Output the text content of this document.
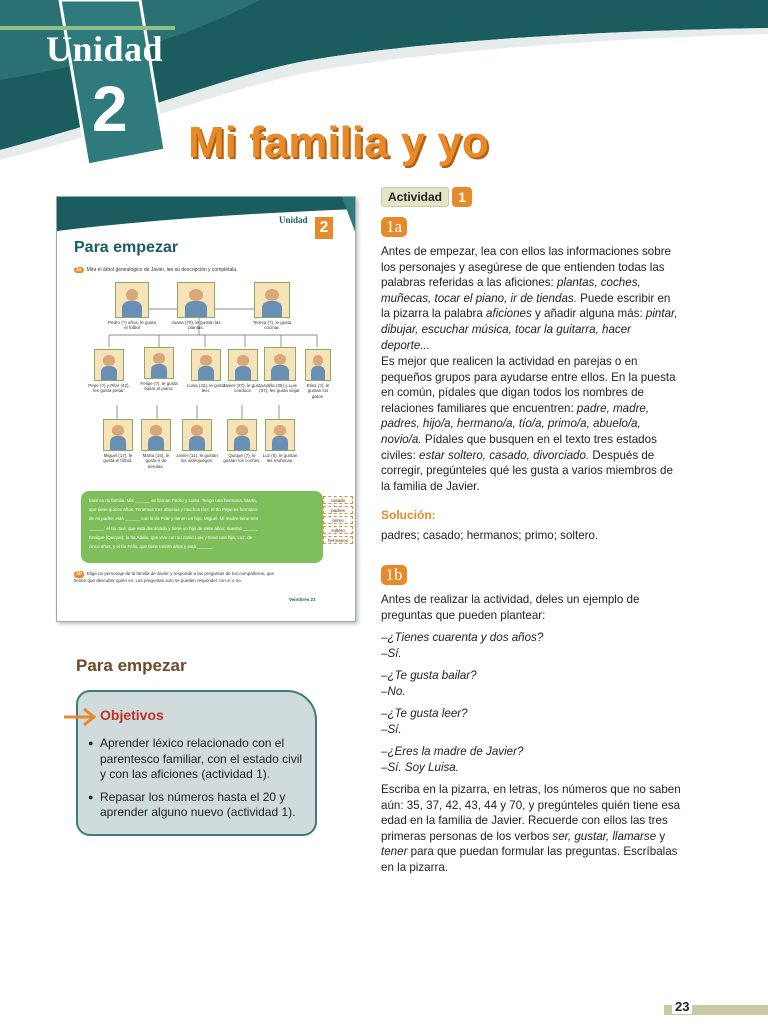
Unidad
2 Mi familia y yo
Unidad 2
Para empezar
1a Mira el árbol genealógico de Javier, lee su descripción y complétala.
Pedro (?) años, le gusta el fútbol
Juana (70), le gustan las plantas.
Teresa (?), le gusta cocinar.
Pepe (?) y Pilar (42), les gusta pintar.
Felipe (?), le gusta bailar el piano.
Luisa (42), le gusta leer.
Javier (37), le gusta conducir.
Adela (35) y Luis (37), les gusta viajar.
Elisa (?), le gustan los gatos.
Miguel (17), le gusta el fútbol.
Marta (15), le gusta ir de tiendas.
Javier (11), le gustan los videojuegos.
Quique (7), le gustan los coches.
Luz (5), le gustan las muñecas.
Este es mi familia. Mis ______ se llaman Pedro y Luisa. Tengo una hermana, Marta,
que tiene quince años. Tenemos tres abuelos y muchos tíos: el tío Pepe es hermano
de mi padre; está ______ con la tía Pilar y tienen un hijo, Miguel. Mi madre tiene tres
______: el tío Javi, que está divorciado y tiene un hijo de siete años; nuestro ______
Enrique (Quique); la tía Adela, que vive con su novio Luis y tiene una hija, Luz, de
cinco años, y el tío Félix, que tiene treinta años y está ______.
casado
padres
primo
soltero
hermanos
1b Elige un personaje de la familia de Javier y responde a las preguntas de tus compañeros, que tienen que descubrir quién es. Las preguntas solo se pueden responder con sí o no.
Veintitrés 23
Para empezar
Objetivos
● Aprender léxico relacionado con el parentesco familiar, con el estado civil y con las aficiones (actividad 1).
● Repasar los números hasta el 20 y aprender alguno nuevo (actividad 1).
Actividad 1
1a
Antes de empezar, lea con ellos las informaciones sobre los personajes y asegúrese de que entienden todas las palabras referidas a las aficiones: plantas, coches, muñecas, tocar el piano, ir de tiendas. Puede escribir en la pizarra la palabra aficiones y añadir alguna más: pintar, dibujar, escuchar música, tocar la guitarra, hacer deporte...
Es mejor que realicen la actividad en parejas o en pequeños grupos para ayudarse entre ellos. En la puesta en común, pídales que digan todos los nombres de relaciones familiares que encuentren: padre, madre, padres, hijo/a, hermano/a, tío/a, primo/a, abuelo/a, novio/a. Pídales que busquen en el texto tres estados civiles: estar soltero, casado, divorciado. Después de corregir, pregúnteles qué les gusta a varios miembros de la familia de Javier.
Solución:
padres; casado; hermanos; primo; soltero.
1b
Antes de realizar la actividad, deles un ejemplo de preguntas que pueden plantear:
–¿Tienes cuarenta y dos años?
–Sí.
–¿Te gusta bailar?
–No.
–¿Te gusta leer?
–Sí.
–¿Eres la madre de Javier?
–Sí. Soy Luisa.
Escriba en la pizarra, en letras, los números que no saben aún: 35, 37, 42, 43, 44 y 70, y pregúnteles quién tiene esa edad en la familia de Javier. Recuerde con ellos las tres primeras personas de los verbos ser, gustar, llamarse y tener para que puedan formular las preguntas. Escríbalas en la pizarra.
23
